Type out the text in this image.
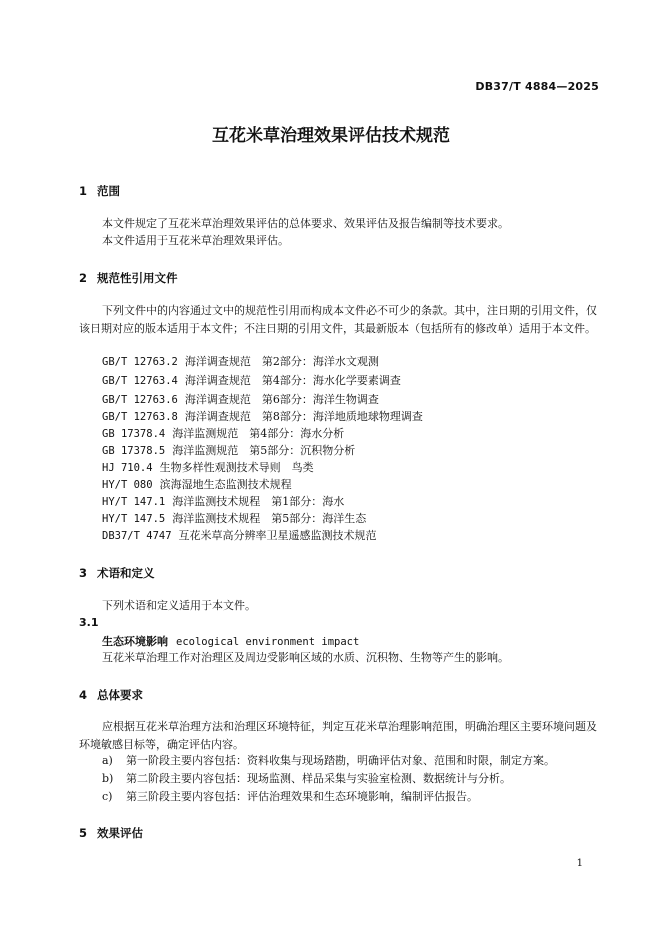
DB37/T 4884—2025
互花米草治理效果评估技术规范
1 范围
本文件规定了互花米草治理效果评估的总体要求、效果评估及报告编制等技术要求。
本文件适用于互花米草治理效果评估。
2 规范性引用文件
下列文件中的内容通过文中的规范性引用而构成本文件必不可少的条款。其中，注日期的引用文件，仅该日期对应的版本适用于本文件；不注日期的引用文件，其最新版本（包括所有的修改单）适用于本文件。
GB/T 12763.2 海洋调查规范　第2部分：海洋水文观测
GB/T 12763.4 海洋调查规范　第4部分：海水化学要素调查
GB/T 12763.6 海洋调查规范　第6部分：海洋生物调查
GB/T 12763.8 海洋调查规范　第8部分：海洋地质地球物理调查
GB 17378.4 海洋监测规范　第4部分：海水分析
GB 17378.5 海洋监测规范　第5部分：沉积物分析
HJ 710.4 生物多样性观测技术导则　鸟类
HY/T 080 滨海湿地生态监测技术规程
HY/T 147.1 海洋监测技术规程　第1部分：海水
HY/T 147.5 海洋监测技术规程　第5部分：海洋生态
DB37/T 4747 互花米草高分辨率卫星遥感监测技术规范
3 术语和定义
下列术语和定义适用于本文件。
3.1
生态环境影响 ecological environment impact
互花米草治理工作对治理区及周边受影响区域的水质、沉积物、生物等产生的影响。
4 总体要求
应根据互花米草治理方法和治理区环境特征，判定互花米草治理影响范围，明确治理区主要环境问题及环境敏感目标等，确定评估内容。
a) 第一阶段主要内容包括：资料收集与现场踏勘，明确评估对象、范围和时限，制定方案。
b) 第二阶段主要内容包括：现场监测、样品采集与实验室检测、数据统计与分析。
c) 第三阶段主要内容包括：评估治理效果和生态环境影响，编制评估报告。
5 效果评估
1
